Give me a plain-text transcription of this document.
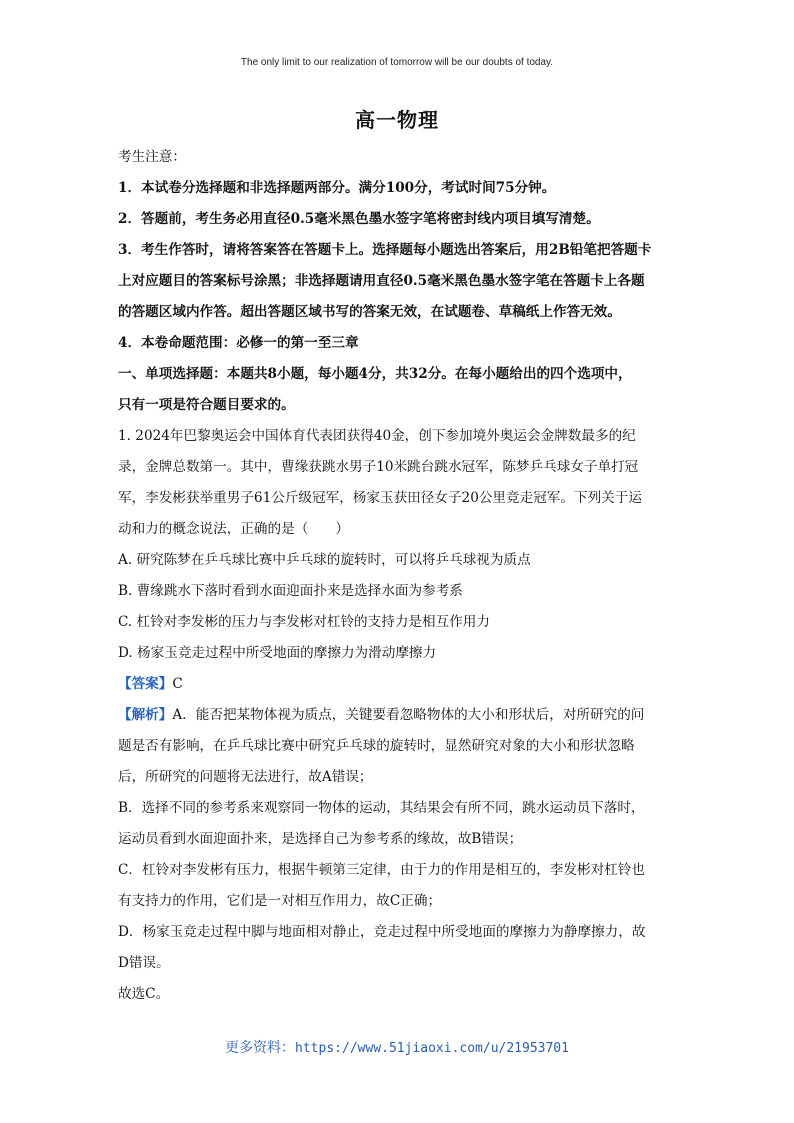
The only limit to our realization of tomorrow will be our doubts of today.
高一物理
考生注意：
1．本试卷分选择题和非选择题两部分。满分100分，考试时间75分钟。
2．答题前，考生务必用直径0.5毫米黑色墨水签字笔将密封线内项目填写清楚。
3．考生作答时，请将答案答在答题卡上。选择题每小题选出答案后，用2B铅笔把答题卡
上对应题目的答案标号涂黑；非选择题请用直径0.5毫米黑色墨水签字笔在答题卡上各题
的答题区域内作答。超出答题区域书写的答案无效，在试题卷、草稿纸上作答无效。
4．本卷命题范围：必修一的第一至三章
一、单项选择题：本题共8小题，每小题4分，共32分。在每小题给出的四个选项中，
只有一项是符合题目要求的。
1. 2024年巴黎奥运会中国体育代表团获得40金，创下参加境外奥运会金牌数最多的纪
录，金牌总数第一。其中，曹缘获跳水男子10米跳台跳水冠军，陈梦乒乓球女子单打冠
军，李发彬获举重男子61公斤级冠军，杨家玉获田径女子20公里竞走冠军。下列关于运
动和力的概念说法，正确的是（　　）
A. 研究陈梦在乒乓球比赛中乒乓球的旋转时，可以将乒乓球视为质点
B. 曹缘跳水下落时看到水面迎面扑来是选择水面为参考系
C. 杠铃对李发彬的压力与李发彬对杠铃的支持力是相互作用力
D. 杨家玉竞走过程中所受地面的摩擦力为滑动摩擦力
【答案】C
【解析】A．能否把某物体视为质点，关键要看忽略物体的大小和形状后，对所研究的问
题是否有影响，在乒乓球比赛中研究乒乓球的旋转时，显然研究对象的大小和形状忽略
后，所研究的问题将无法进行，故A错误；
B．选择不同的参考系来观察同一物体的运动，其结果会有所不同，跳水运动员下落时，
运动员看到水面迎面扑来，是选择自己为参考系的缘故，故B错误；
C．杠铃对李发彬有压力，根据牛顿第三定律，由于力的作用是相互的，李发彬对杠铃也
有支持力的作用，它们是一对相互作用力，故C正确；
D．杨家玉竞走过程中脚与地面相对静止，竞走过程中所受地面的摩擦力为静摩擦力，故
D错误。
故选C。
更多资料：https://www.51jiaoxi.com/u/21953701
